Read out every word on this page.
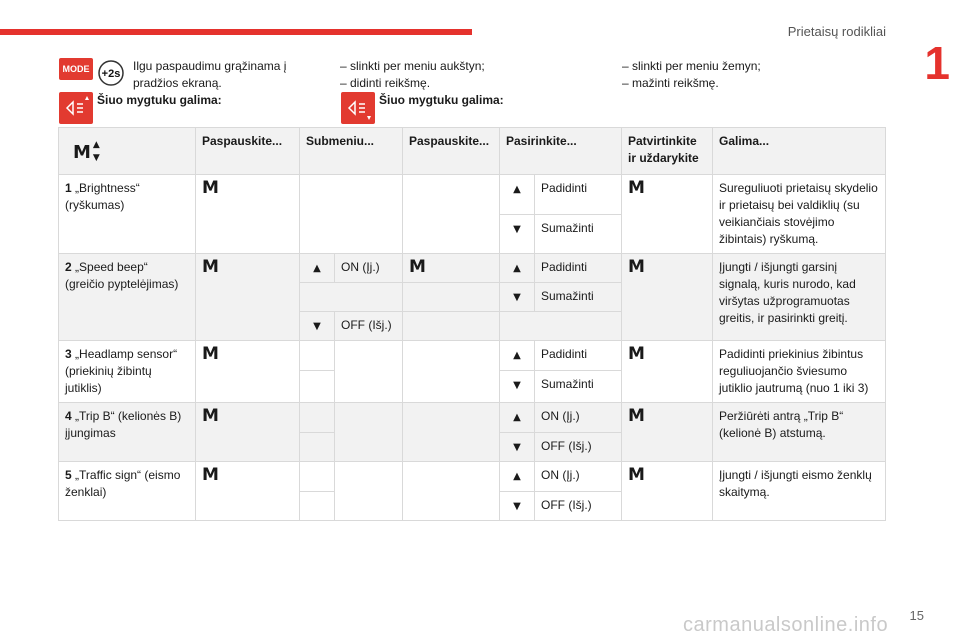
Prietaisų rodikliai
1
MODE	+2s
Ilgu paspaudimu grąžinama į
pradžios ekraną.
Šiuo mygtuku galima:
– slinkti per meniu aukštyn;
– didinti reikšmę.
Šiuo mygtuku galima:
– slinkti per meniu žemyn;
– mažinti reikšmę.
M ▲
▼	Paspauskite...	Submeniu...		Paspauskite...	Pasirinkite...		Patvirtinkite ir uždarykite	Galima...
1 „Brightness“ (ryškumas)	M				▲	Padidinti	M	Sureguliuoti prietaisų skydelio ir prietaisų bei valdiklių (su veikiančiais stovėjimo žibintais) ryškumą.
					▼	Sumažinti		
2 „Speed beep“ (greičio pyptelėjimas)	M	▲	ON (Įj.)	M	▲	Padidinti	M	Įjungti / išjungti garsinį signalą, kuris nurodo, kad viršytas užprogramuotas greitis, ir pasirinkti greitį.
					▼	Sumažinti		
		▼	OFF (Išj.)					
3 „Headlamp sensor“ (priekinių žibintų jutiklis)	M				▲	Padidinti	M	Padidinti priekinius žibintus reguliuojančio šviesumo jutiklio jautrumą (nuo 1 iki 3)
					▼	Sumažinti		
4 „Trip B“ (kelionės B) įjungimas	M				▲	ON (Įj.)	M	Peržiūrėti antrą „Trip B“ (kelionė B) atstumą.
					▼	OFF (Išj.)		
5 „Traffic sign“ (eismo ženklai)	M				▲	ON (Įj.)	M	Įjungti / išjungti eismo ženklų skaitymą.
					▼	OFF (Išj.)		
15
carmanualsonline.info
